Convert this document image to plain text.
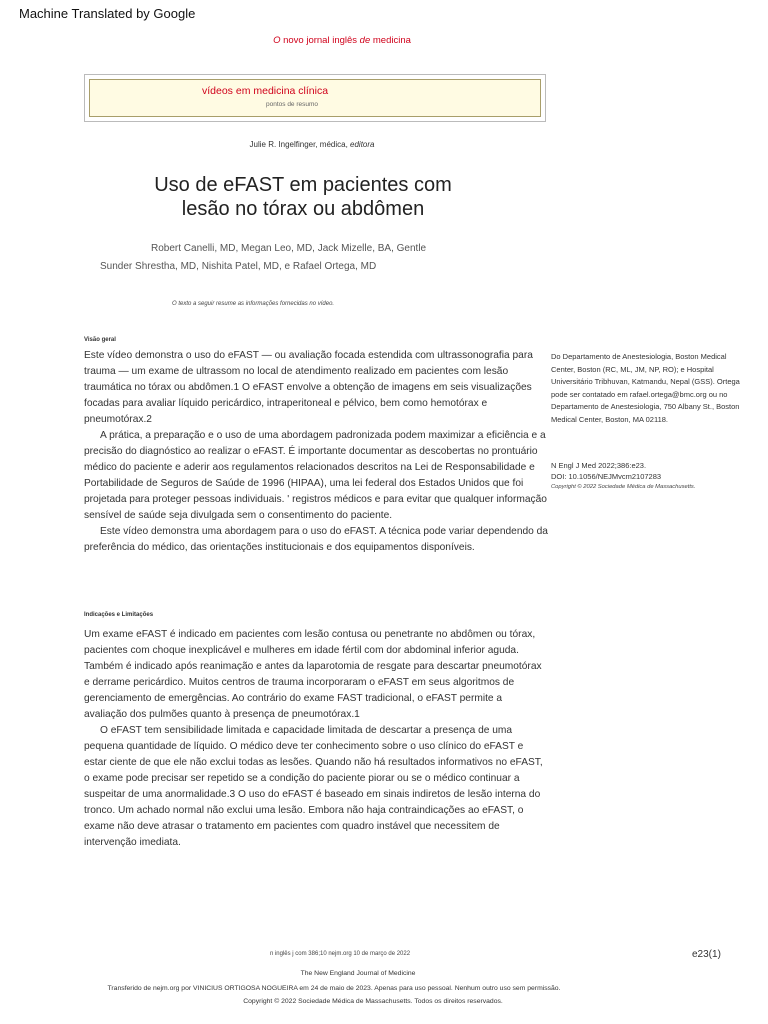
Machine Translated by Google
O novo jornal inglês de medicina
vídeos em medicina clínica
pontos de resumo
Julie R. Ingelfinger, médica, editora
Uso de eFAST em pacientes com
lesão no tórax ou abdômen
Robert Canelli, MD, Megan Leo, MD, Jack Mizelle, BA, Gentle
Sunder Shrestha, MD, Nishita Patel, MD, e Rafael Ortega, MD
O texto a seguir resume as informações fornecidas no vídeo.
Visão geral

Este vídeo demonstra o uso do eFAST — ou avaliação focada estendida com ultrassonografia para trauma — um exame de ultrassom no local de atendimento realizado em pacientes com lesão traumática no tórax ou abdômen.1 O eFAST envolve a obtenção de imagens em seis visualizações focadas para avaliar líquido pericárdico, intraperitoneal e pélvico, bem como hemotórax e pneumotórax.2

A prática, a preparação e o uso de uma abordagem padronizada podem maximizar a eficiência e a precisão do diagnóstico ao realizar o eFAST. É importante documentar as descobertas no prontuário médico do paciente e aderir aos regulamentos relacionados descritos na Lei de Responsabilidade e Portabilidade de Seguros de Saúde de 1996 (HIPAA), uma lei federal dos Estados Unidos que foi projetada para proteger pessoas individuais. ' registros médicos e para evitar que qualquer informação sensível de saúde seja divulgada sem o consentimento do paciente.

Este vídeo demonstra uma abordagem para o uso do eFAST. A técnica pode variar dependendo da preferência do médico, das orientações institucionais e dos equipamentos disponíveis.

Indicações e Limitações

Um exame eFAST é indicado em pacientes com lesão contusa ou penetrante no abdômen ou tórax, pacientes com choque inexplicável e mulheres em idade fértil com dor abdominal inferior aguda. Também é indicado após reanimação e antes da laparotomia de resgate para descartar pneumotórax e derrame pericárdico. Muitos centros de trauma incorporaram o eFAST em seus algoritmos de gerenciamento de emergências. Ao contrário do exame FAST tradicional, o eFAST permite a avaliação dos pulmões quanto à presença de pneumotórax.1

O eFAST tem sensibilidade limitada e capacidade limitada de descartar a presença de uma pequena quantidade de líquido. O médico deve ter conhecimento sobre o uso clínico do eFAST e estar ciente de que ele não exclui todas as lesões. Quando não há resultados informativos no eFAST, o exame pode precisar ser repetido se a condição do paciente piorar ou se o médico continuar a suspeitar de uma anormalidade.3 O uso do eFAST é baseado em sinais indiretos de lesão interna do tronco. Um achado normal não exclui uma lesão. Embora não haja contraindicações ao eFAST, o exame não deve atrasar o tratamento em pacientes com quadro instável que necessitem de intervenção imediata.

Do Departamento de Anestesiologia, Boston Medical Center, Boston (RC, ML, JM, NP, RO); e Hospital Universitário Tribhuvan, Katmandu, Nepal (GSS). Ortega pode ser contatado em rafael.ortega@bmc.org ou no Departamento de Anestesiologia, 750 Albany St., Boston Medical Center, Boston, MA 02118.
N Engl J Med 2022;386:e23.
DOI: 10.1056/NEJMvcm2107283
Copyright © 2022 Sociedade Médica de Massachusetts.
n inglês j com 386;10 nejm.org 10 de março de 2022	e23(1)
The New England Journal of Medicine
Transferido de nejm.org por VINICIUS ORTIGOSA NOGUEIRA em 24 de maio de 2023. Apenas para uso pessoal. Nenhum outro uso sem permissão.
Copyright © 2022 Sociedade Médica de Massachusetts. Todos os direitos reservados.
